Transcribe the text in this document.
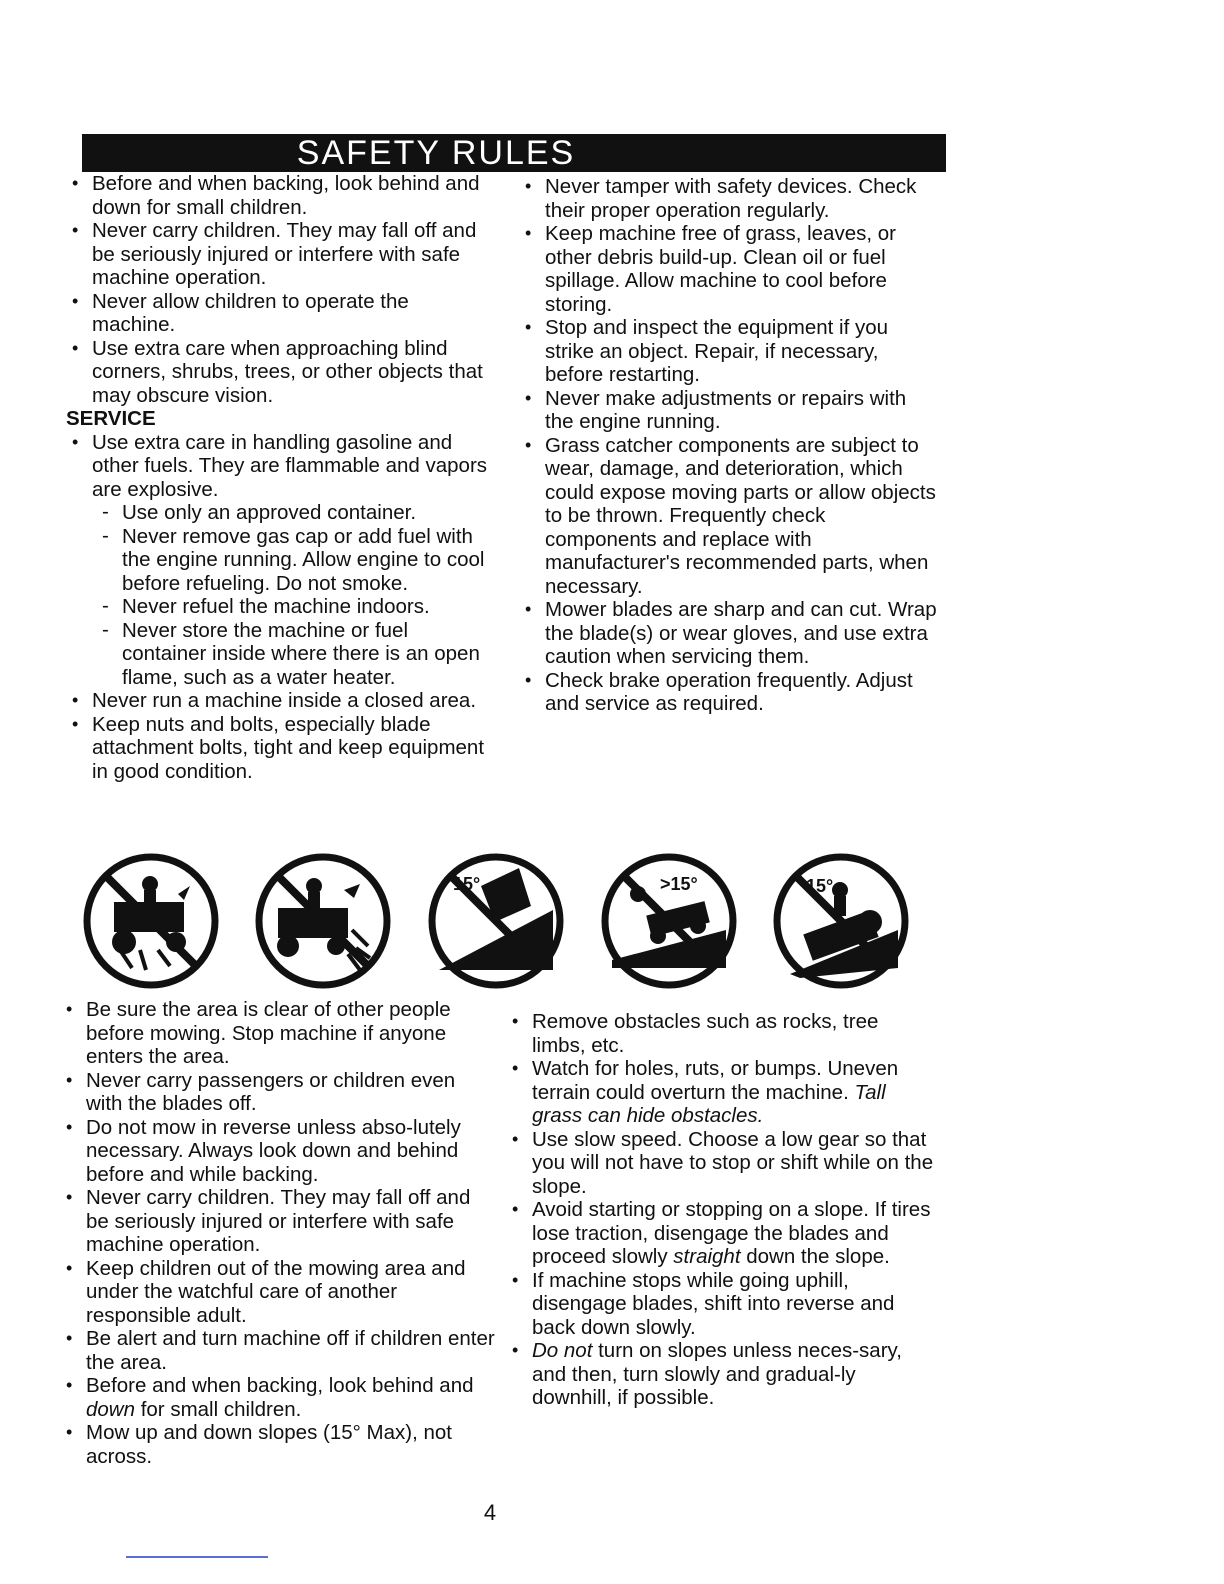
SAFETY RULES
• Before and when backing, look behind and down for small children.
• Never carry children. They may fall off and be seriously injured or interfere with safe machine operation.
• Never allow children to operate the machine.
• Use extra care when approaching blind corners, shrubs, trees, or other objects that may obscure vision.
SERVICE
• Use extra care in handling gasoline and other fuels. They are flammable and vapors are explosive.
- Use only an approved container.
- Never remove gas cap or add fuel with the engine running. Allow engine to cool before refueling. Do not smoke.
- Never refuel the machine indoors.
- Never store the machine or fuel container inside where there is an open flame, such as a water heater.
• Never run a machine inside a closed area.
• Keep nuts and bolts, especially blade attachment bolts, tight and keep equipment in good condition.
• Never tamper with safety devices. Check their proper operation regularly.
• Keep machine free of grass, leaves, or other debris build-up. Clean oil or fuel spillage. Allow machine to cool before storing.
• Stop and inspect the equipment if you strike an object. Repair, if necessary, before restarting.
• Never make adjustments or repairs with the engine running.
• Grass catcher components are subject to wear, damage, and deterioration, which could expose moving parts or allow objects to be thrown. Frequently check components and replace with manufacturer's recommended parts, when necessary.
• Mower blades are sharp and can cut. Wrap the blade(s) or wear gloves, and use extra caution when servicing them.
• Check brake operation frequently. Adjust and service as required.
15°	>15°	15°
• Be sure the area is clear of other people before mowing. Stop machine if anyone enters the area.
• Never carry passengers or children even with the blades off.
• Do not mow in reverse unless abso-lutely necessary. Always look down and behind before and while backing.
• Never carry children. They may fall off and be seriously injured or interfere with safe machine operation.
• Keep children out of the mowing area and under the watchful care of another responsible adult.
• Be alert and turn machine off if children enter the area.
• Before and when backing, look behind and down for small children.
• Mow up and down slopes (15° Max), not across.
• Remove obstacles such as rocks, tree limbs, etc.
• Watch for holes, ruts, or bumps. Uneven terrain could overturn the machine. Tall grass can hide obstacles.
• Use slow speed. Choose a low gear so that you will not have to stop or shift while on the slope.
• Avoid starting or stopping on a slope. If tires lose traction, disengage the blades and proceed slowly straight down the slope.
• If machine stops while going uphill, disengage blades, shift into reverse and back down slowly.
• Do not turn on slopes unless neces-sary, and then, turn slowly and gradual-ly downhill, if possible.
4
